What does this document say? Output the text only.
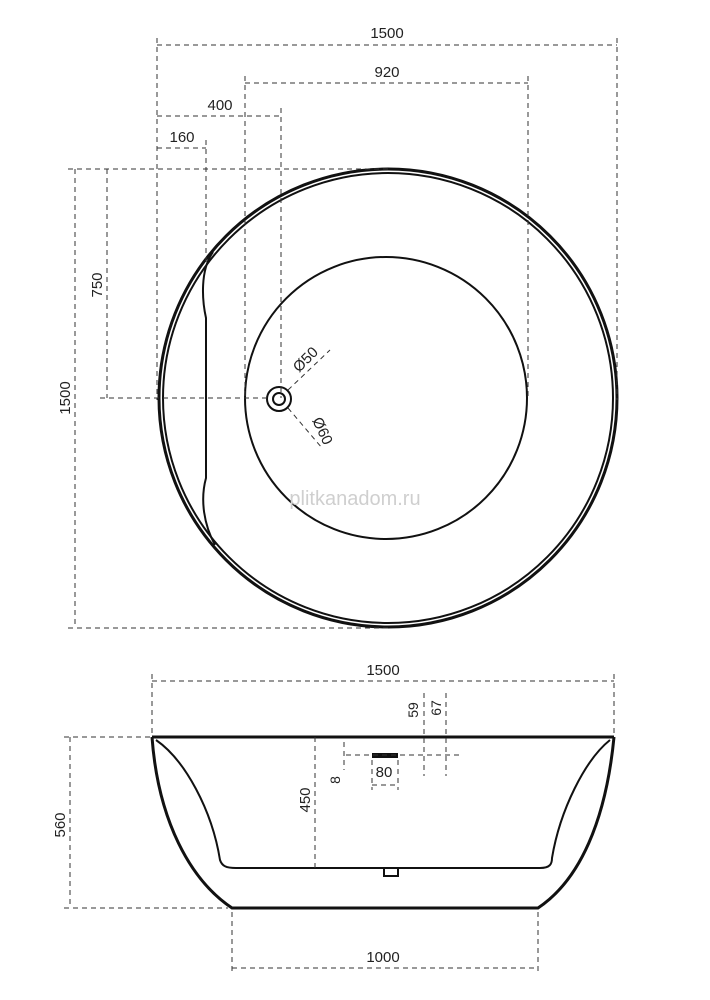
1500
920
400
160
1500
750
Ø50
Ø60
plitkanadom.ru
1500
59 67
8 80
450
560
1000
